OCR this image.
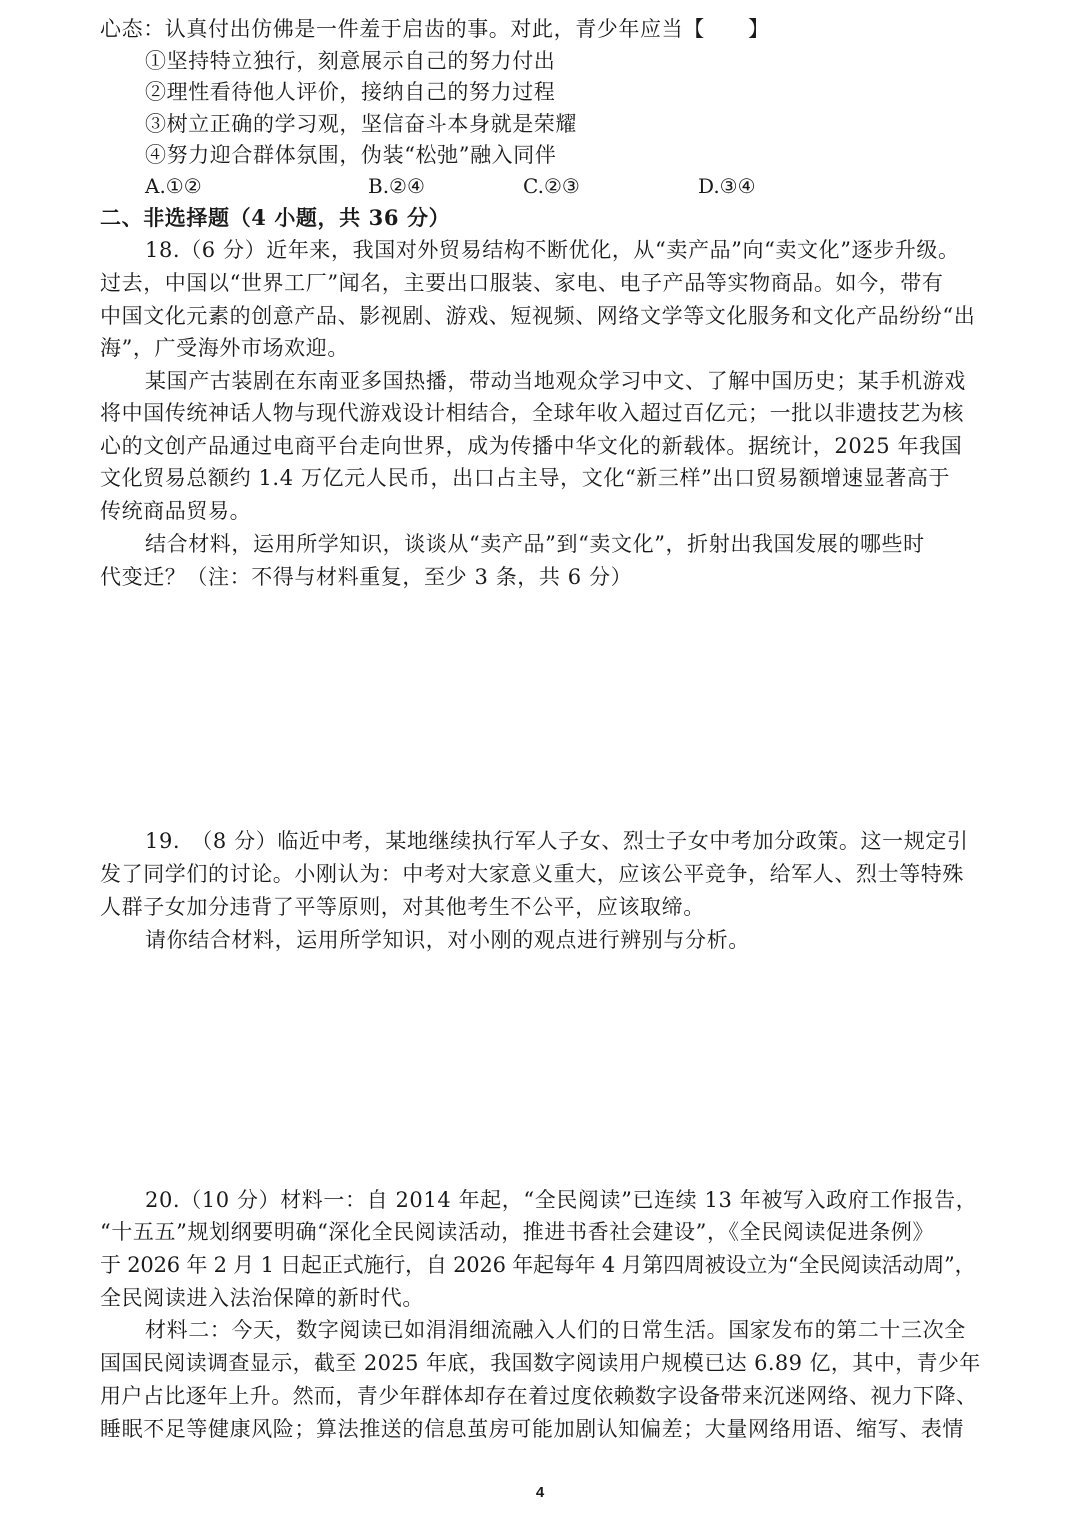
心态：认真付出仿佛是一件羞于启齿的事。对此，青少年应当【　　】
①坚持特立独行，刻意展示自己的努力付出
②理性看待他人评价，接纳自己的努力过程
③树立正确的学习观，坚信奋斗本身就是荣耀
④努力迎合群体氛围，伪装“松弛”融入同伴
A.①②	B.②④	C.②③	D.③④
二、非选择题（4 小题，共 36 分）
18.（6 分）近年来，我国对外贸易结构不断优化，从“卖产品”向“卖文化”逐步升级。
过去，中国以“世界工厂”闻名，主要出口服装、家电、电子产品等实物商品。如今，带有
中国文化元素的创意产品、影视剧、游戏、短视频、网络文学等文化服务和文化产品纷纷“出
海”，广受海外市场欢迎。
某国产古装剧在东南亚多国热播，带动当地观众学习中文、了解中国历史；某手机游戏
将中国传统神话人物与现代游戏设计相结合，全球年收入超过百亿元；一批以非遗技艺为核
心的文创产品通过电商平台走向世界，成为传播中华文化的新载体。据统计，2025 年我国
文化贸易总额约 1.4 万亿元人民币，出口占主导，文化“新三样”出口贸易额增速显著高于
传统商品贸易。
结合材料，运用所学知识，谈谈从“卖产品”到“卖文化”，折射出我国发展的哪些时
代变迁？（注：不得与材料重复，至少 3 条，共 6 分）
19.　（8 分）临近中考，某地继续执行军人子女、烈士子女中考加分政策。这一规定引
发了同学们的讨论。小刚认为：中考对大家意义重大，应该公平竞争，给军人、烈士等特殊
人群子女加分违背了平等原则，对其他考生不公平，应该取缔。
请你结合材料，运用所学知识，对小刚的观点进行辨别与分析。
20.（10 分）材料一：自 2014 年起，“全民阅读”已连续 13 年被写入政府工作报告，
“十五五”规划纲要明确“深化全民阅读活动，推进书香社会建设”，《全民阅读促进条例》
于 2026 年 2 月 1 日起正式施行，自 2026 年起每年 4 月第四周被设立为“全民阅读活动周”，
全民阅读进入法治保障的新时代。
材料二：今天，数字阅读已如涓涓细流融入人们的日常生活。国家发布的第二十三次全
国国民阅读调查显示，截至 2025 年底，我国数字阅读用户规模已达 6.89 亿，其中，青少年
用户占比逐年上升。然而，青少年群体却存在着过度依赖数字设备带来沉迷网络、视力下降、
睡眠不足等健康风险；算法推送的信息茧房可能加剧认知偏差；大量网络用语、缩写、表情
4
